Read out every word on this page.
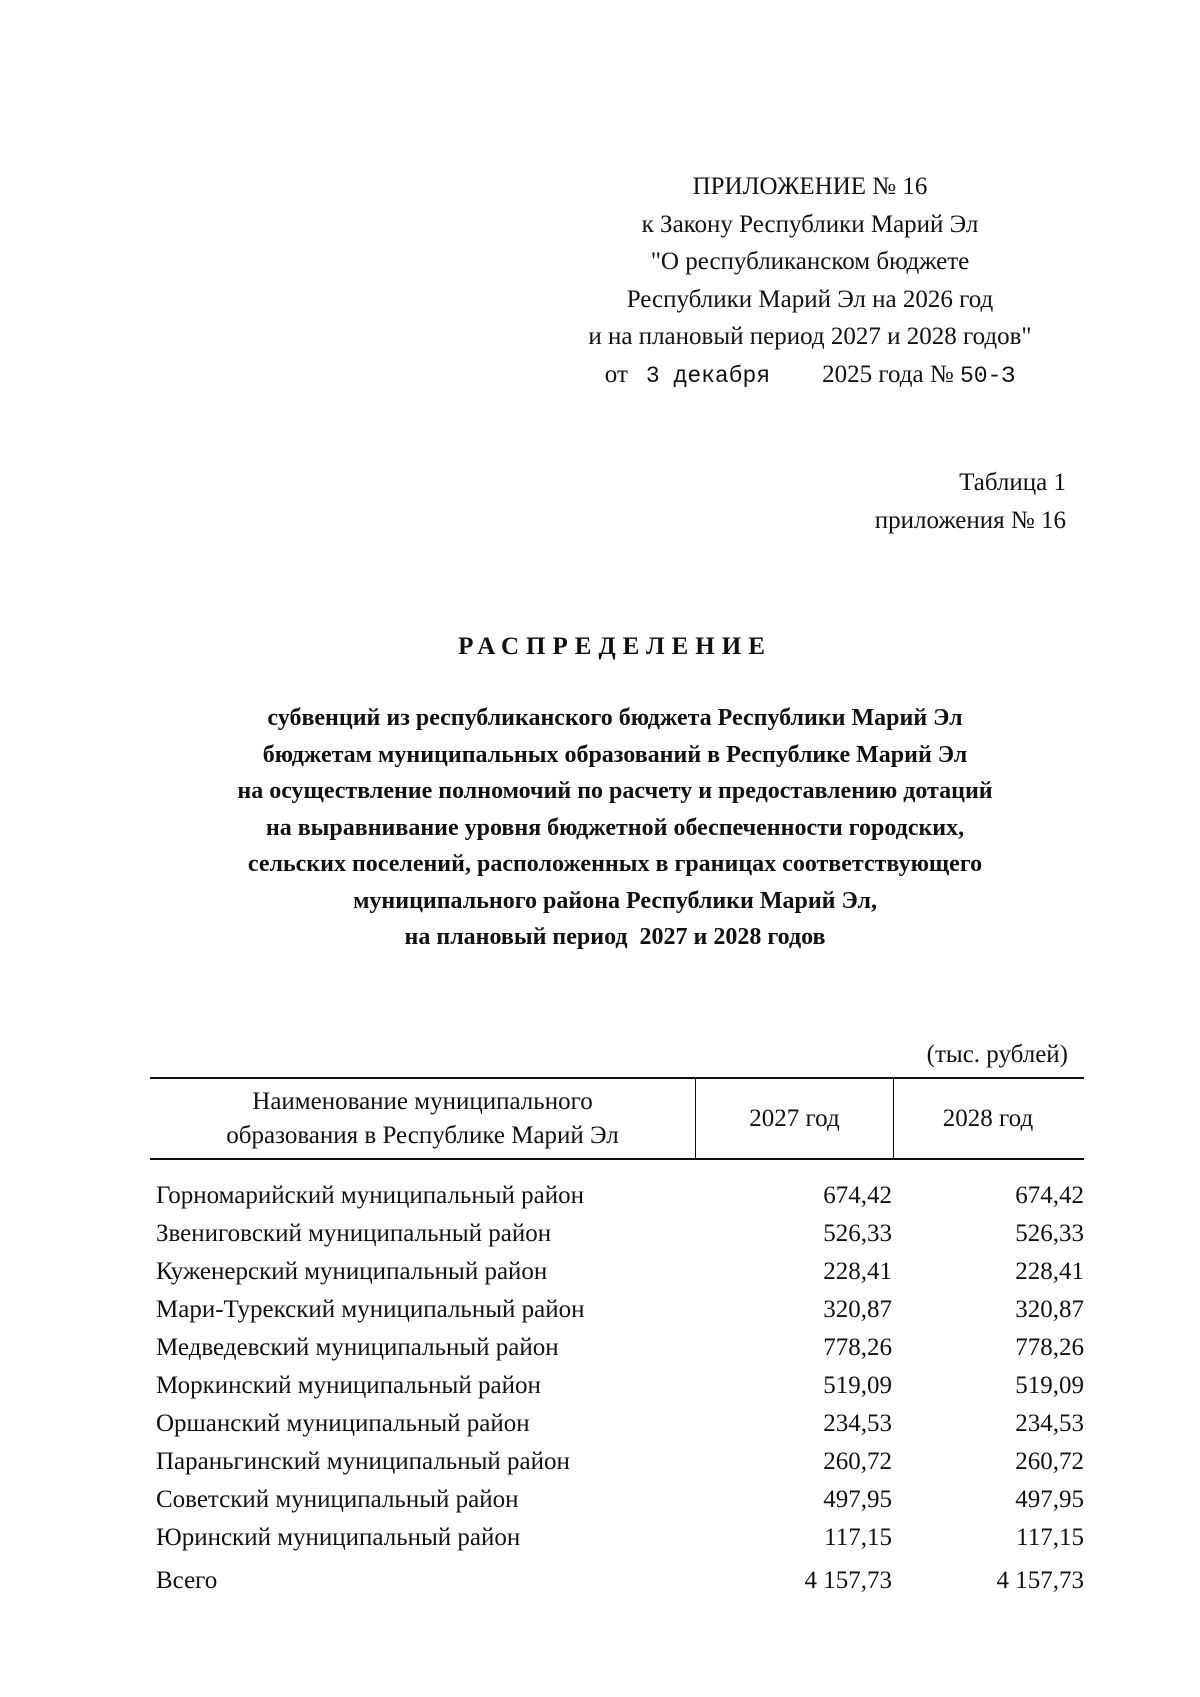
ПРИЛОЖЕНИЕ № 16
к Закону Республики Марий Эл
"О республиканском бюджете
Республики Марий Эл на 2026 год
и на плановый период 2027 и 2028 годов"
от 3 декабря 2025 года № 50-З
Таблица 1
приложения № 16
РАСПРЕДЕЛЕНИЕ
субвенций из республиканского бюджета Республики Марий Эл
бюджетам муниципальных образований в Республике Марий Эл
на осуществление полномочий по расчету и предоставлению дотаций
на выравнивание уровня бюджетной обеспеченности городских,
сельских поселений, расположенных в границах соответствующего
муниципального района Республики Марий Эл,
на плановый период  2027 и 2028 годов
(тыс. рублей)
Наименование муниципального
образования в Республике Марий Эл
2027 год	2028 год
Горномарийский муниципальный район	674,42	674,42
Звениговский муниципальный район	526,33	526,33
Куженерский муниципальный район	228,41	228,41
Мари-Турекский муниципальный район	320,87	320,87
Медведевский муниципальный район	778,26	778,26
Моркинский муниципальный район	519,09	519,09
Оршанский муниципальный район	234,53	234,53
Параньгинский муниципальный район	260,72	260,72
Советский муниципальный район	497,95	497,95
Юринский муниципальный район	117,15	117,15
Всего	4 157,73	4 157,73
